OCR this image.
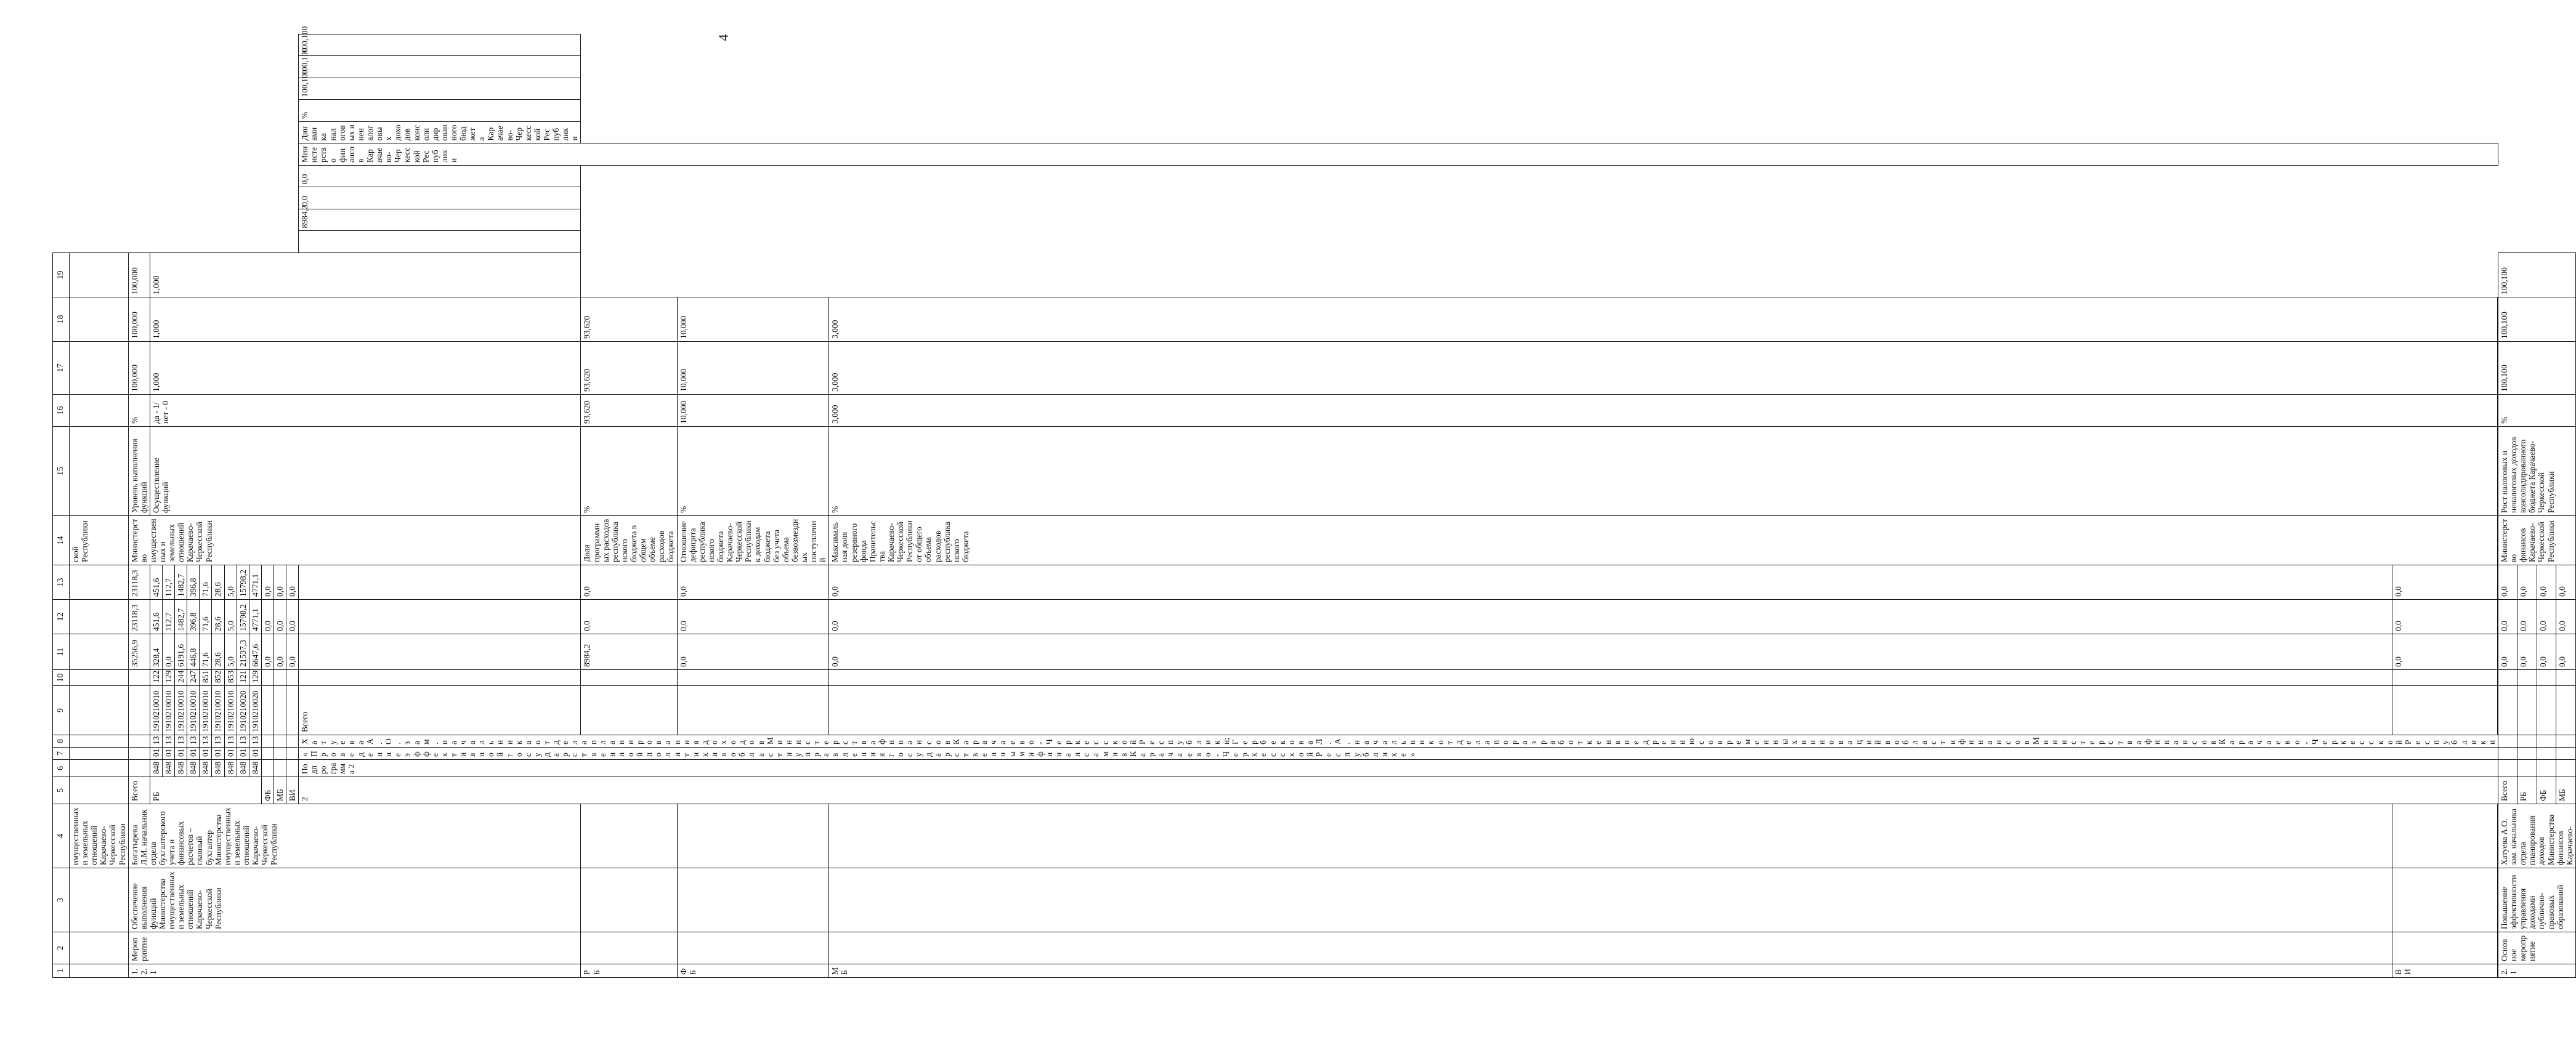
4
1	2	3	4	5	6	7	8	9	10	11	12	13	14	15	16	17	18	19										
			имущественных и земельных отношений Карачаево-Черкесской Республики										ской Республики															
1.2.1	Мероприятие	Обеспечение выполнения функций Министерства имущественных и земельных отношений Карачаево-Черкесской Республики	Богатырева Л.М. начальник отдела бухгалтерского учета и финансовых расчетов – главный бухгалтер Министерства имущественных и земельных отношений Карачаево-Черкесской Республики	Всего						35256,9	23118,3	23118,3	Министерство имущественных и земельных отношений Карачаево-Черкесской Республики	Уровень выполнения функций	%	100,000	100,000	100,000										
				РБ	848	01	13	1910210010	122	328,4	451,6	451,6		Осуществление функций	да - 1/ нет - 0	1,000	1,000	1,000										
					848	01	13	1910210010	129	0,0	112,7	112,7																
					848	01	13	1910210010	244	6191,6	1482,7	1482,7																
					848	01	13	1910210010	247	446,8	396,8	396,8																
					848	01	13	1910210010	851	71,6	71,6	71,6																
					848	01	13	1910210010	852	28,6	28,6	28,6																
					848	01	13	1910210010	853	5,0	5,0	5,0																
					848	01	13	1910210020	121	21537,3	15798,2	15798,2																
					848	01	13	1910210020	129	6647,6	4771,1	4771,1																
				ФБ						0,0	0,0	0,0																
				МБ						0,0	0,0	0,0																
				ВИ						0,0	0,0	0,0																
				2	Подпрограмма 2	«Проведение эффективной государственной политики в области управления государственными финансами в Карачаево-Черкесской Республике»	Хатуева А.О. зам. начальника отдела планирования доходов Министерства финансов Карачаево-Черкесской Республики; Гербекова Л.А. начальник отдела по разработке и внедрению современных инноваций в области финансов Министерства финансов Карачаево-Черкесской Республики	Всего												8984,2	0,0	0,0	Министерство финансов Карачаево-Черкесской Республики	Динамика налоговых и неналоговых доходов консолидированного бюджета Карачаево-Черкесской Республики	%	100,100	100,100	100,100
РБ										8984,2	0,0	0,0	Доля программных расходов республиканского бюджета в общем объеме расходов бюджета	%	93,620	93,620	93,620											
ФБ										0,0	0,0	0,0	Отношение дефицита республиканского бюджета Карачаево-Черкесской Республики к доходам бюджета без учета объема безвозмездных поступлений	%	10,000	10,000	10,000											
МБ										0,0	0,0	0,0	Максимальная доля резервного фонда Правительства Карачаево-Черкесской Республики от общего объема расходов республиканского бюджета	%	3,000	3,000	3,000											
ВИ										0,0	0,0	0,0																

2.1	Основное мероприятие	Повышение эффективности управления доходами публично-правовых образований	Хатуева А.О. зам. начальника отдела планирования доходов Министерства финансов Карачаево-	Всего						0,0	0,0	0,0	Министерство финансов Карачаево-Черкесской Республики	Рост налоговых и неналоговых доходов консолидированного бюджета Карачаево-Черкесской Республики	%	100,100	100,100	100,100										
				РБ						0,0	0,0	0,0																
				ФБ						0,0	0,0	0,0																
				МБ						0,0	0,0	0,0																
